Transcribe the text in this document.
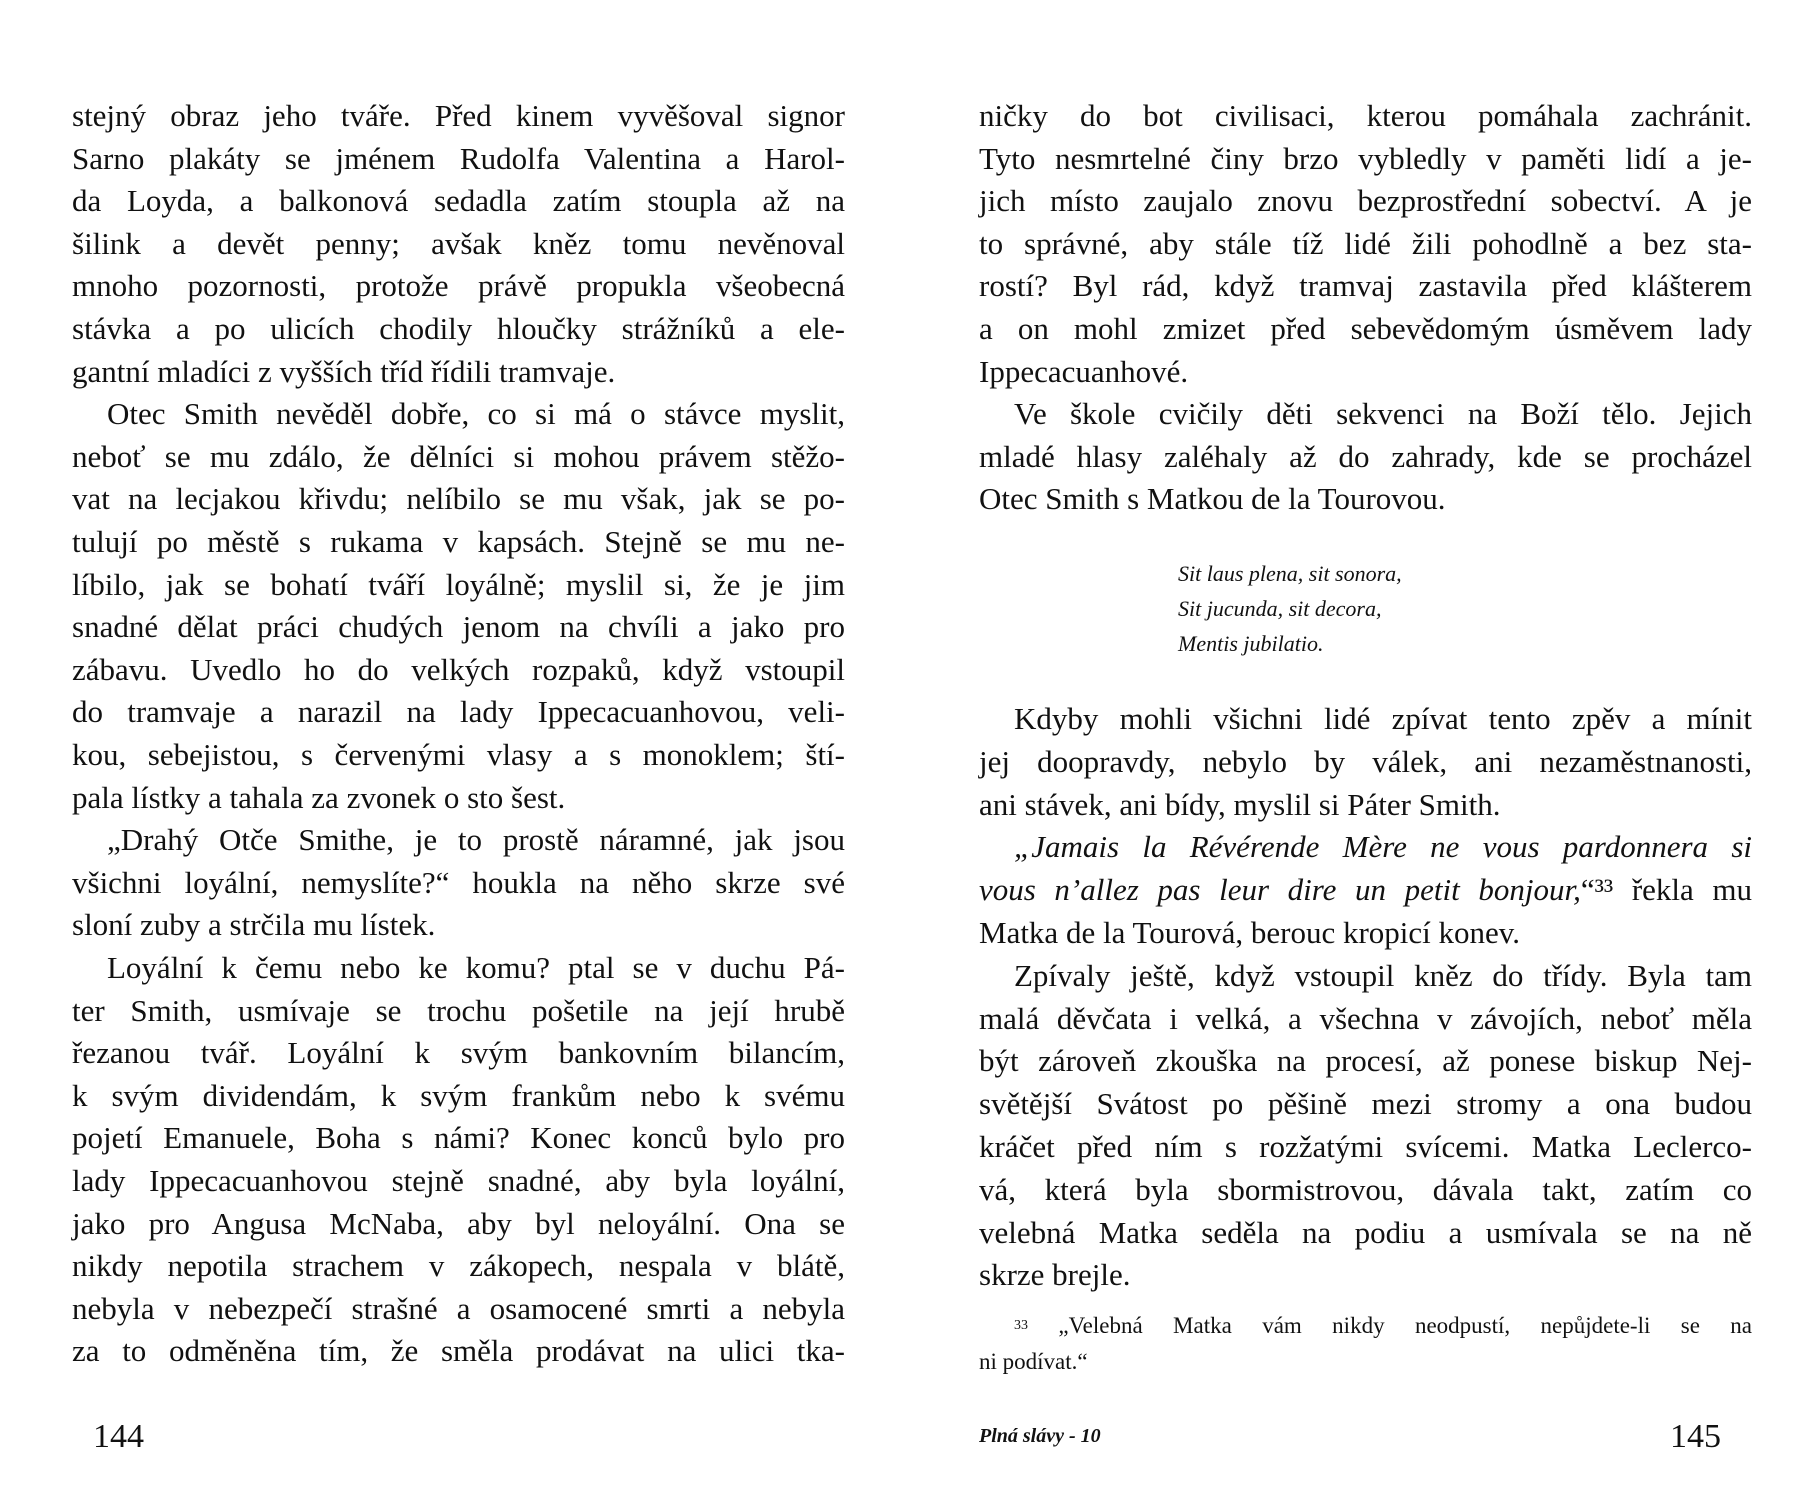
stejný obraz jeho tváře. Před kinem vyvěšoval signor
Sarno plakáty se jménem Rudolfa Valentina a Harol-
da Loyda, a balkonová sedadla zatím stoupla až na
šilink a devět penny; avšak kněz tomu nevěnoval
mnoho pozornosti, protože právě propukla všeobecná
stávka a po ulicích chodily hloučky strážníků a ele-
gantní mladíci z vyšších tříd řídili tramvaje.
Otec Smith nevěděl dobře, co si má o stávce myslit,
neboť se mu zdálo, že dělníci si mohou právem stěžo-
vat na lecjakou křivdu; nelíbilo se mu však, jak se po-
tulují po městě s rukama v kapsách. Stejně se mu ne-
líbilo, jak se bohatí tváří loyálně; myslil si, že je jim
snadné dělat práci chudých jenom na chvíli a jako pro
zábavu. Uvedlo ho do velkých rozpaků, když vstoupil
do tramvaje a narazil na lady Ippecacuanhovou, veli-
kou, sebejistou, s červenými vlasy a s monoklem; ští-
pala lístky a tahala za zvonek o sto šest.
„Drahý Otče Smithe, je to prostě náramné, jak jsou
všichni loyální, nemyslíte?“ houkla na něho skrze své
sloní zuby a strčila mu lístek.
Loyální k čemu nebo ke komu? ptal se v duchu Pá-
ter Smith, usmívaje se trochu pošetile na její hrubě
řezanou tvář. Loyální k svým bankovním bilancím,
k svým dividendám, k svým frankům nebo k svému
pojetí Emanuele, Boha s námi? Konec konců bylo pro
lady Ippecacuanhovou stejně snadné, aby byla loyální,
jako pro Angusa McNaba, aby byl neloyální. Ona se
nikdy nepotila strachem v zákopech, nespala v blátě,
nebyla v nebezpečí strašné a osamocené smrti a nebyla
za to odměněna tím, že směla prodávat na ulici tka-
ničky do bot civilisaci, kterou pomáhala zachránit.
Tyto nesmrtelné činy brzo vybledly v paměti lidí a je-
jich místo zaujalo znovu bezprostřední sobectví. A je
to správné, aby stále tíž lidé žili pohodlně a bez sta-
rostí? Byl rád, když tramvaj zastavila před klášterem
a on mohl zmizet před sebevědomým úsměvem lady
Ippecacuanhové.
Ve škole cvičily děti sekvenci na Boží tělo. Jejich
mladé hlasy zaléhaly až do zahrady, kde se procházel
Otec Smith s Matkou de la Tourovou.
Sit laus plena, sit sonora,
Sit jucunda, sit decora,
Mentis jubilatio.
Kdyby mohli všichni lidé zpívat tento zpěv a mínit
jej doopravdy, nebylo by válek, ani nezaměstnanosti,
ani stávek, ani bídy, myslil si Páter Smith.
„Jamais la Révérende Mère ne vous pardonnera si
vous n’allez pas leur dire un petit bonjour,“³³ řekla mu
Matka de la Tourová, berouc kropicí konev.
Zpívaly ještě, když vstoupil kněz do třídy. Byla tam
malá děvčata i velká, a všechna v závojích, neboť měla
být zároveň zkouška na procesí, až ponese biskup Nej-
světější Svátost po pěšině mezi stromy a ona budou
kráčet před ním s rozžatými svícemi. Matka Leclerco-
vá, která byla sbormistrovou, dávala takt, zatím co
velebná Matka seděla na podiu a usmívala se na ně
skrze brejle.
$^{33}$ „Velebná Matka vám nikdy neodpustí, nepůjdete-li se na
ni podívat.“
144	Plná slávy - 10	145
